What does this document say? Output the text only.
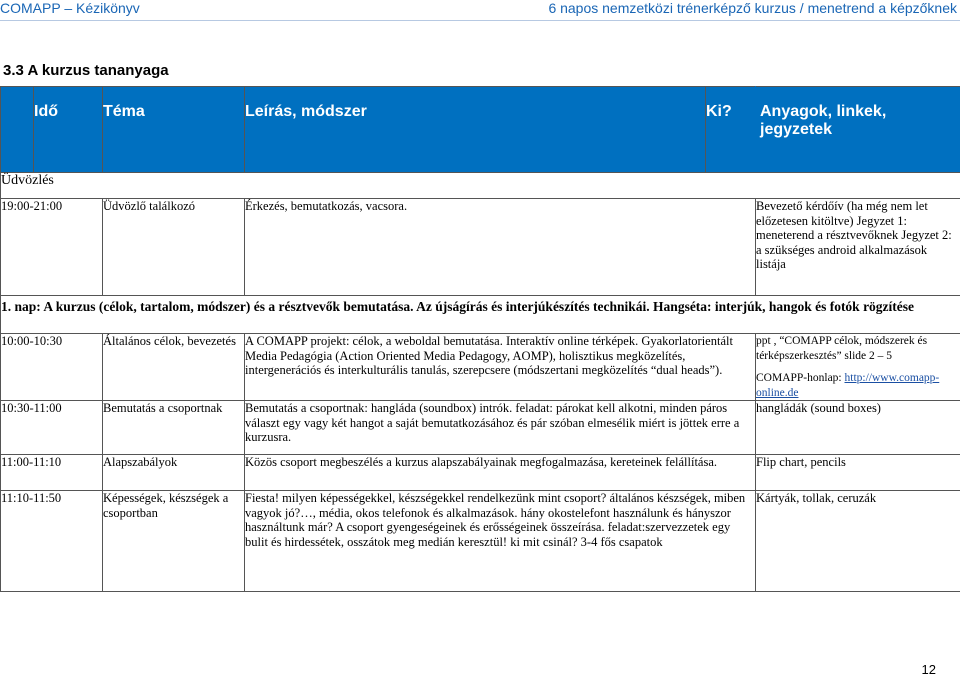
COMAPP – Kézikönyv	6 napos nemzetközi trénerképző kurzus / menetrend a képzőknek
3.3 A kurzus tananyaga
	Idő	Téma	Leírás, módszer	Ki?	Anyagok, linkek, jegyzetek
Üdvözlés					
19:00-21:00		Üdvözlő találkozó	Érkezés, bemutatkozás, vacsora.		Bevezető kérdőív (ha még nem let előzetesen kitöltve) Jegyzet 1: meneterend a résztvevőknek Jegyzet 2: a szükséges android alkalmazások listája
1. nap: A kurzus (célok, tartalom, módszer) és a résztvevők bemutatása. Az újságírás és interjúkészítés technikái. Hangséta: interjúk, hangok és fotók rögzítése					
10:00-10:30		Általános célok, bevezetés	A COMAPP projekt: célok, a weboldal bemutatása. Interaktív online térképek. Gyakorlatorientált Media Pedagógia (Action Oriented Media Pedagogy, AOMP), holisztikus megközelítés, intergenerációs és interkulturális tanulás, szerepcsere (módszertani megközelítés “dual heads”).		ppt , “COMAPP célok, módszerek és térképszerkesztés” slide 2 – 5
COMAPP-honlap: http://www.comapp-online.de

10:30-11:00		Bemutatás a csoportnak	Bemutatás a csoportnak: hangláda (soundbox) intrók. feladat: párokat kell alkotni, minden páros választ egy vagy két hangot a saját bemutatkozásához és pár szóban elmesélik miért is jöttek erre a kurzusra.		hangládák (sound boxes)
11:00-11:10		Alapszabályok	Közös csoport megbeszélés a kurzus alapszabályainak megfogalmazása, kereteinek felállítása.		Flip chart, pencils
11:10-11:50		Képességek, készségek a csoportban	Fiesta! milyen képességekkel, készségekkel rendelkezünk mint csoport? általános készségek, miben vagyok jó?…, média, okos telefonok és alkalmazások. hány okostelefont használunk és hányszor használtunk már? A csoport gyengeségeinek és erősségeinek összeírása. feladat:szervezzetek egy bulit és hirdessétek, osszátok meg medián keresztül! ki mit csinál? 3-4 fős csapatok		Kártyák, tollak, ceruzák
12
